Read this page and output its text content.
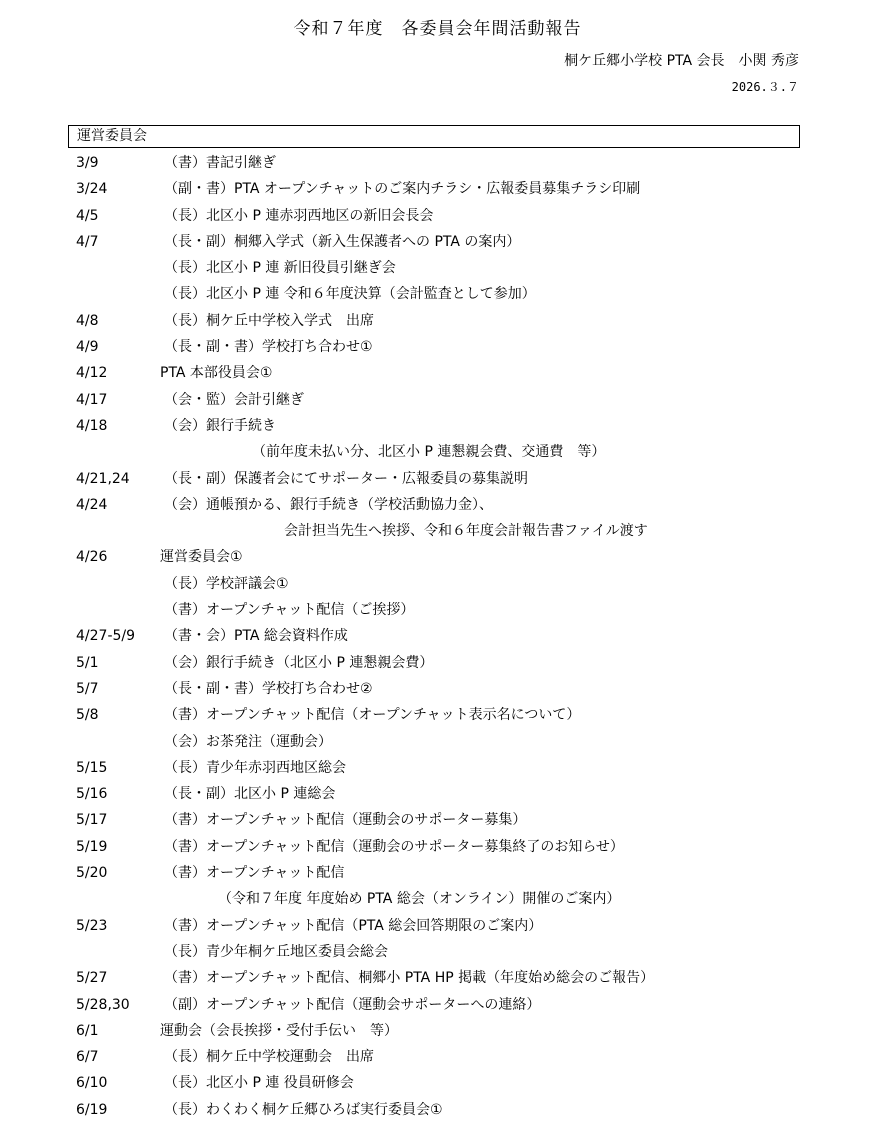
令和７年度　各委員会年間活動報告
桐ケ丘郷小学校 PTA 会長　小関 秀彦
2026.３.７
運営委員会
3/9	（書）書記引継ぎ
3/24	（副・書）PTA オープンチャットのご案内チラシ・広報委員募集チラシ印刷
4/5	（長）北区小 P 連赤羽西地区の新旧会長会
4/7	（長・副）桐郷入学式（新入生保護者への PTA の案内）
（長）北区小 P 連 新旧役員引継ぎ会
（長）北区小 P 連 令和６年度決算（会計監査として参加）
4/8	（長）桐ケ丘中学校入学式　出席
4/9	（長・副・書）学校打ち合わせ①
4/12	PTA 本部役員会①
4/17	（会・監）会計引継ぎ
4/18	（会）銀行手続き
（前年度未払い分、北区小 P 連懇親会費、交通費　等）
4/21,24 （長・副）保護者会にてサポーター・広報委員の募集説明
4/24	（会）通帳預かる、銀行手続き（学校活動協力金）、
会計担当先生へ挨拶、令和６年度会計報告書ファイル渡す
4/26	運営委員会①
（長）学校評議会①
（書）オープンチャット配信（ご挨拶）
4/27-5/9 （書・会）PTA 総会資料作成
5/1	（会）銀行手続き（北区小 P 連懇親会費）
5/7	（長・副・書）学校打ち合わせ②
5/8	（書）オープンチャット配信（オープンチャット表示名について）
（会）お茶発注（運動会）
5/15	（長）青少年赤羽西地区総会
5/16	（長・副）北区小 P 連総会
5/17	（書）オープンチャット配信（運動会のサポーター募集）
5/19	（書）オープンチャット配信（運動会のサポーター募集終了のお知らせ）
5/20	（書）オープンチャット配信
（令和７年度 年度始め PTA 総会（オンライン）開催のご案内）
5/23	（書）オープンチャット配信（PTA 総会回答期限のご案内）
（長）青少年桐ケ丘地区委員会総会
5/27	（書）オープンチャット配信、桐郷小 PTA HP 掲載（年度始め総会のご報告）
5/28,30 （副）オープンチャット配信（運動会サポーターへの連絡）
6/1	運動会（会長挨拶・受付手伝い　等）
6/7	（長）桐ケ丘中学校運動会　出席
6/10	（長）北区小 P 連 役員研修会
6/19	（長）わくわく桐ケ丘郷ひろば実行委員会①
